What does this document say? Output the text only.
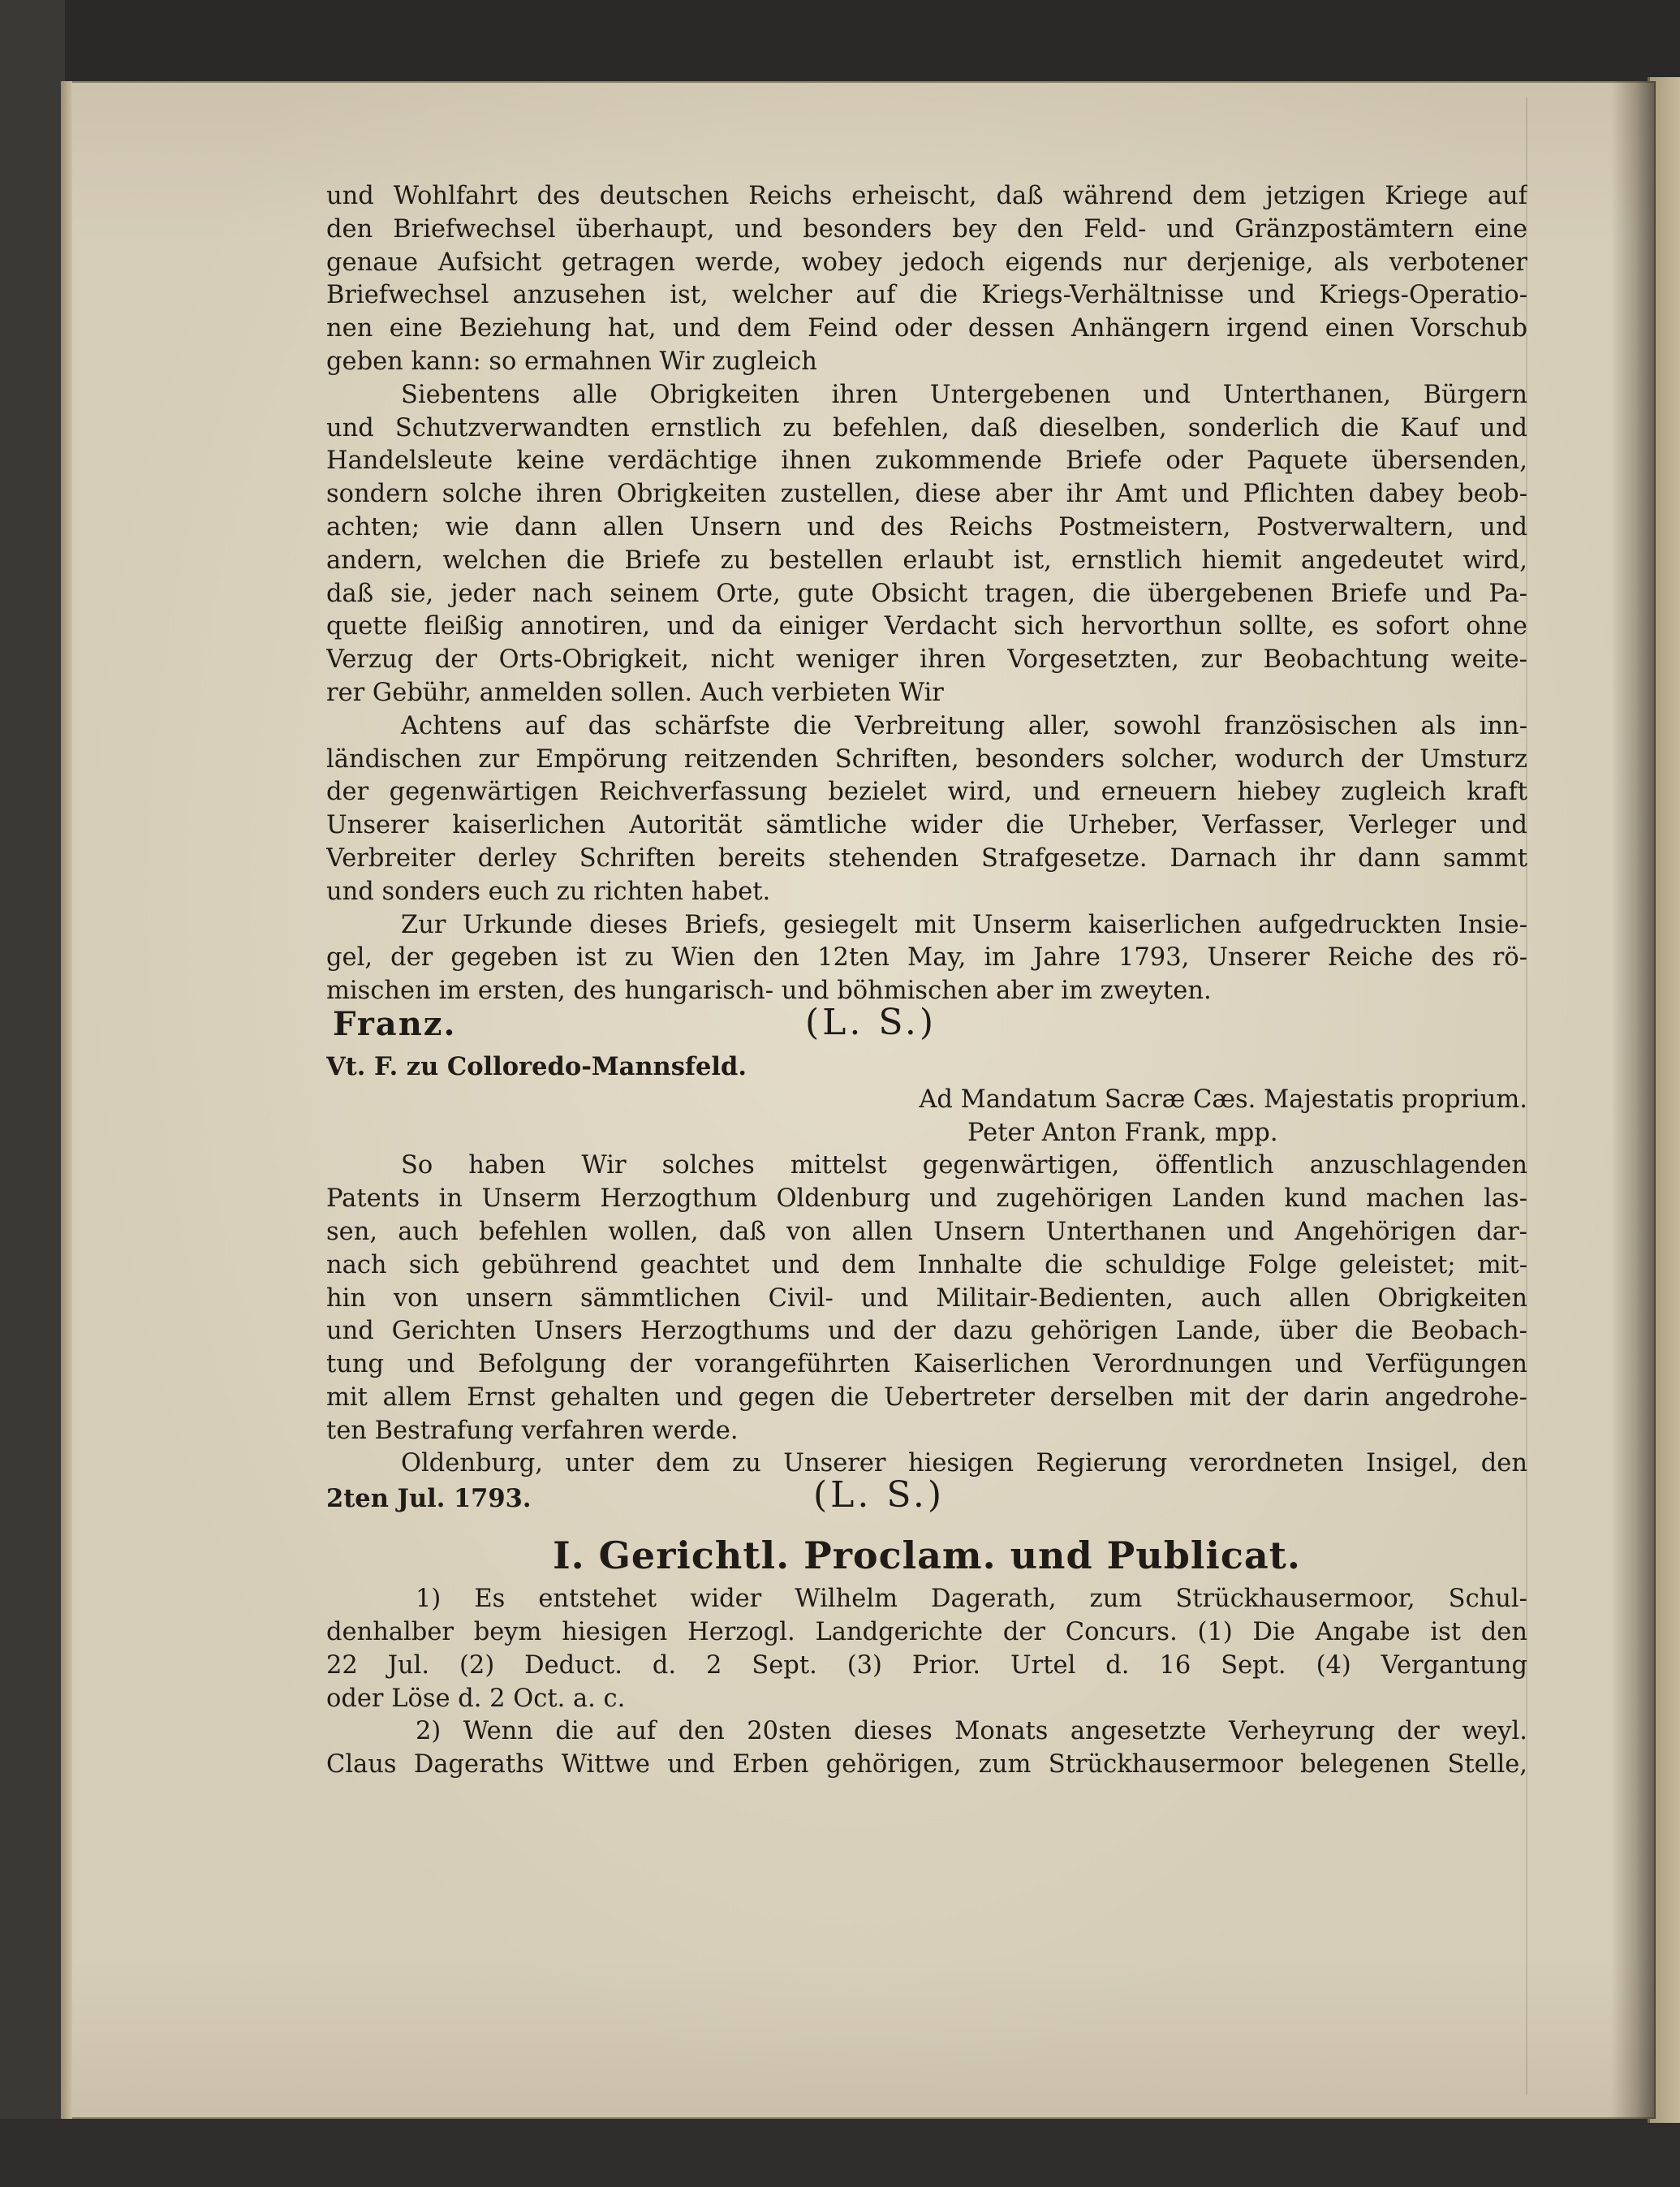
und Wohlfahrt des deutschen Reichs erheischt, daß während dem jetzigen Kriege auf
den Briefwechsel überhaupt, und besonders bey den Feld- und Gränzpostämtern eine
genaue Aufsicht getragen werde, wobey jedoch eigends nur derjenige, als verbotener
Briefwechsel anzusehen ist, welcher auf die Kriegs-Verhältnisse und Kriegs-Operatio-
nen eine Beziehung hat, und dem Feind oder dessen Anhängern irgend einen Vorschub
geben kann: so ermahnen Wir zugleich
Siebentens alle Obrigkeiten ihren Untergebenen und Unterthanen, Bürgern
und Schutzverwandten ernstlich zu befehlen, daß dieselben, sonderlich die Kauf und
Handelsleute keine verdächtige ihnen zukommende Briefe oder Paquete übersenden,
sondern solche ihren Obrigkeiten zustellen, diese aber ihr Amt und Pflichten dabey beob-
achten; wie dann allen Unsern und des Reichs Postmeistern, Postverwaltern, und
andern, welchen die Briefe zu bestellen erlaubt ist, ernstlich hiemit angedeutet wird,
daß sie, jeder nach seinem Orte, gute Obsicht tragen, die übergebenen Briefe und Pa-
quette fleißig annotiren, und da einiger Verdacht sich hervorthun sollte, es sofort ohne
Verzug der Orts-Obrigkeit, nicht weniger ihren Vorgesetzten, zur Beobachtung weite-
rer Gebühr, anmelden sollen. Auch verbieten Wir
Achtens auf das schärfste die Verbreitung aller, sowohl französischen als inn-
ländischen zur Empörung reitzenden Schriften, besonders solcher, wodurch der Umsturz
der gegenwärtigen Reichverfassung bezielet wird, und erneuern hiebey zugleich kraft
Unserer kaiserlichen Autorität sämtliche wider die Urheber, Verfasser, Verleger und
Verbreiter derley Schriften bereits stehenden Strafgesetze. Darnach ihr dann sammt
und sonders euch zu richten habet.
Zur Urkunde dieses Briefs, gesiegelt mit Unserm kaiserlichen aufgedruckten Insie-
gel, der gegeben ist zu Wien den 12ten May, im Jahre 1793, Unserer Reiche des rö-
mischen im ersten, des hungarisch- und böhmischen aber im zweyten.
Franz.	(L. S.)
Vt. F. zu Colloredo-Mannsfeld.
Ad Mandatum Sacræ Cæs. Majestatis proprium.
Peter Anton Frank, mpp.
So haben Wir solches mittelst gegenwärtigen, öffentlich anzuschlagenden
Patents in Unserm Herzogthum Oldenburg und zugehörigen Landen kund machen las-
sen, auch befehlen wollen, daß von allen Unsern Unterthanen und Angehörigen dar-
nach sich gebührend geachtet und dem Innhalte die schuldige Folge geleistet; mit-
hin von unsern sämmtlichen Civil- und Militair-Bedienten, auch allen Obrigkeiten
und Gerichten Unsers Herzogthums und der dazu gehörigen Lande, über die Beobach-
tung und Befolgung der vorangeführten Kaiserlichen Verordnungen und Verfügungen
mit allem Ernst gehalten und gegen die Uebertreter derselben mit der darin angedrohe-
ten Bestrafung verfahren werde.
Oldenburg, unter dem zu Unserer hiesigen Regierung verordneten Insigel, den
2ten Jul. 1793.	(L. S.)
I. Gerichtl. Proclam. und Publicat.
1) Es entstehet wider Wilhelm Dagerath, zum Strückhausermoor, Schul-
denhalber beym hiesigen Herzogl. Landgerichte der Concurs. (1) Die Angabe ist den
22 Jul. (2) Deduct. d. 2 Sept. (3) Prior. Urtel d. 16 Sept. (4) Vergantung
oder Löse d. 2 Oct. a. c.
2) Wenn die auf den 20sten dieses Monats angesetzte Verheyrung der weyl.
Claus Dageraths Wittwe und Erben gehörigen, zum Strückhausermoor belegenen Stelle,
